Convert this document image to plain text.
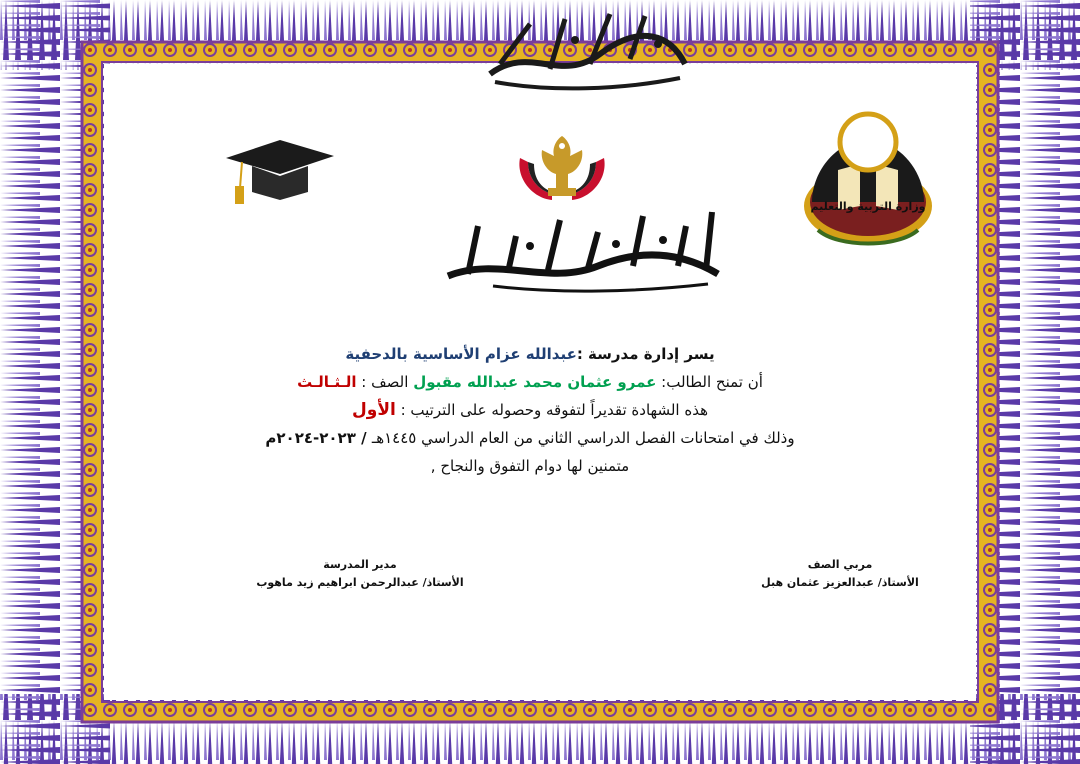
وزارة التربية والتعليم
يسر إدارة مدرسة :عبدالله عزام الأساسية بالدحفية
أن تمنح الطالب: عمرو عثمان محمد عبدالله مقبول الصف : الـثـالـث
هذه الشهادة تقديراً لتفوقه وحصوله على الترتيب : الأول
وذلك في امتحانات الفصل الدراسي الثاني من العام الدراسي ١٤٤٥هـ / ٢٠٢٣-٢٠٢٤م
متمنين لها دوام التفوق والنجاح ,
مدير المدرسة
الأستاذ/ عبدالرحمن ابراهيم زيد ماهوب
مربي الصف
الأستاذ/ عبدالعزيز عثمان هبل
